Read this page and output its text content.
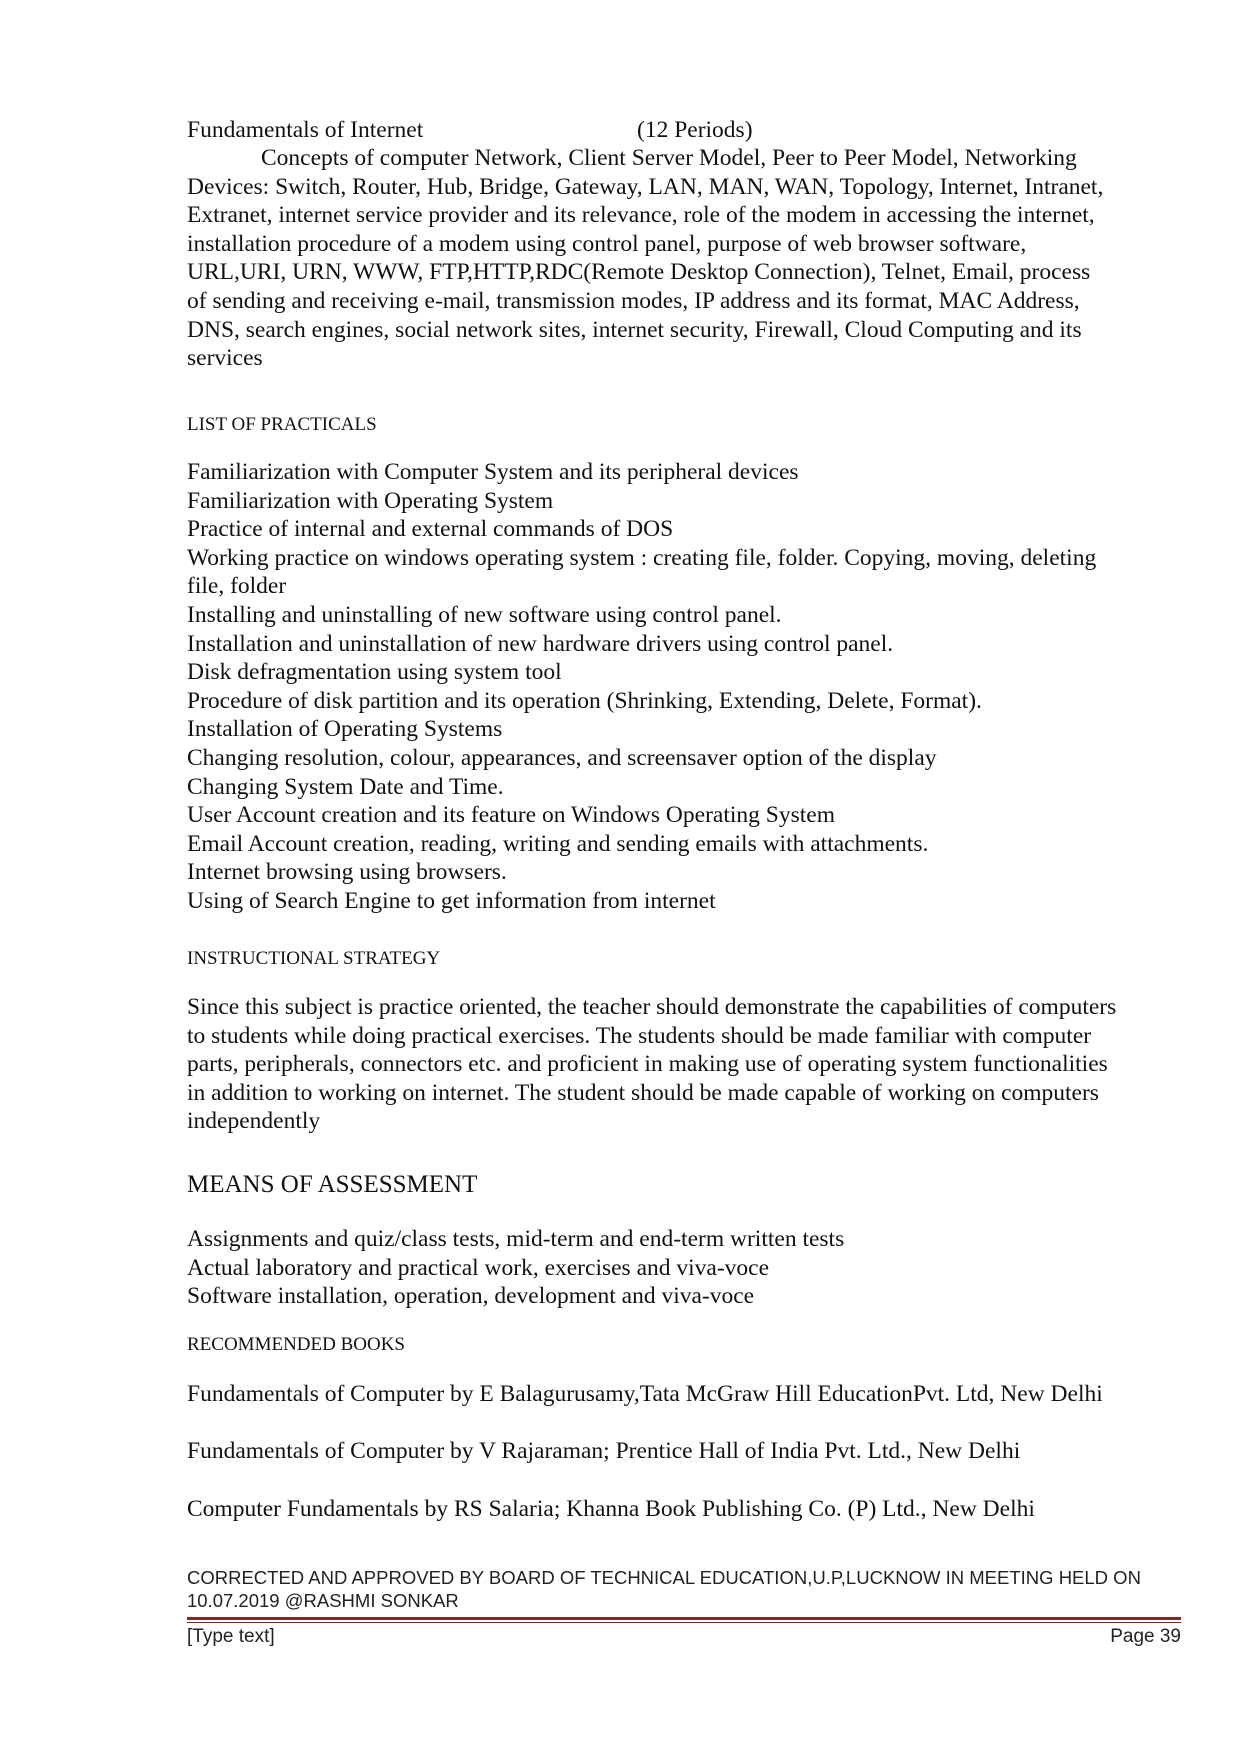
Fundamentals of Internet	(12 Periods)
Concepts of computer Network, Client Server Model, Peer to Peer Model, Networking
Devices: Switch, Router, Hub, Bridge, Gateway, LAN, MAN, WAN, Topology, Internet, Intranet,
Extranet, internet service provider and its relevance, role of the modem in accessing the internet,
installation procedure of a modem using control panel, purpose of web browser software,
URL,URI, URN, WWW, FTP,HTTP,RDC(Remote Desktop Connection), Telnet, Email, process
of sending and receiving e-mail, transmission modes, IP address and its format, MAC Address,
DNS, search engines, social network sites, internet security, Firewall, Cloud Computing and its
services
LIST OF PRACTICALS
Familiarization with Computer System and its peripheral devices
Familiarization with Operating System
Practice of internal and external commands of DOS
Working practice on windows operating system : creating file, folder. Copying, moving, deleting
file, folder
Installing and uninstalling of new software using control panel.
Installation and uninstallation of new hardware drivers using control panel.
Disk defragmentation using system tool
Procedure of disk partition and its operation (Shrinking, Extending, Delete, Format).
Installation of Operating Systems
Changing resolution, colour, appearances, and screensaver option of the display
Changing System Date and Time.
User Account creation and its feature on Windows Operating System
Email Account creation, reading, writing and sending emails with attachments.
Internet browsing using browsers.
Using of Search Engine to get information from internet
INSTRUCTIONAL STRATEGY
Since this subject is practice oriented, the teacher should demonstrate the capabilities of computers
to students while doing practical exercises. The students should be made familiar with computer
parts, peripherals, connectors etc. and proficient in making use of operating system functionalities
in addition to working on internet. The student should be made capable of working on computers
independently
MEANS OF ASSESSMENT
Assignments and quiz/class tests, mid-term and end-term written tests
Actual laboratory and practical work, exercises and viva-voce
Software installation, operation, development and viva-voce
RECOMMENDED BOOKS
Fundamentals of Computer by E Balagurusamy,Tata McGraw Hill EducationPvt. Ltd, New Delhi
Fundamentals of Computer by V Rajaraman; Prentice Hall of India Pvt. Ltd., New Delhi
Computer Fundamentals by RS Salaria; Khanna Book Publishing Co. (P) Ltd., New Delhi
CORRECTED AND APPROVED BY BOARD OF TECHNICAL EDUCATION,U.P,LUCKNOW IN MEETING HELD ON
10.07.2019 @RASHMI SONKAR
[Type text]	Page 39
